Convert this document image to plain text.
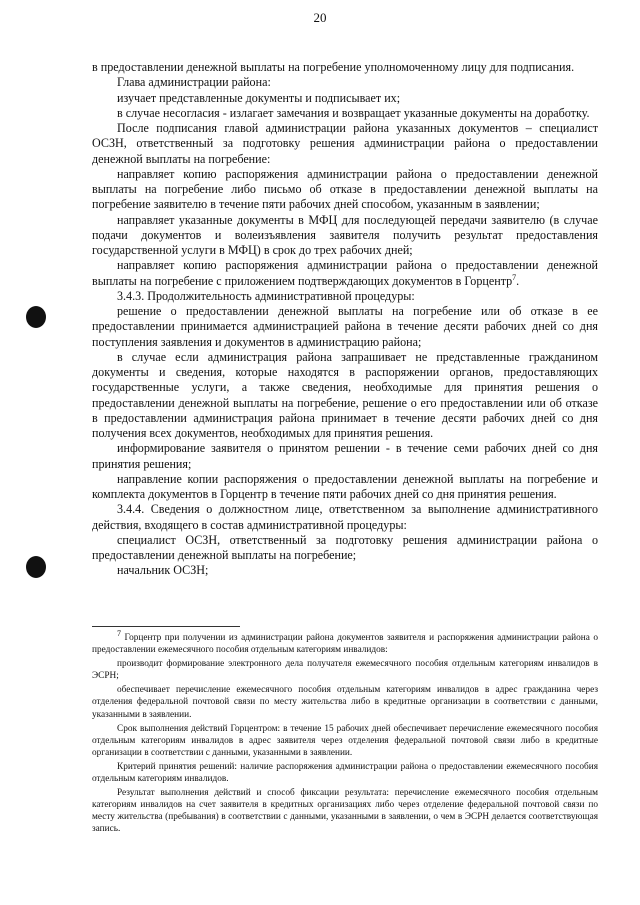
20

в предоставлении денежной выплаты на погребение уполномоченному лицу для подписания.

Глава администрации района:

изучает представленные документы и подписывает их;

в случае несогласия - излагает замечания и возвращает указанные документы на доработку.

После подписания главой администрации района указанных документов – специалист ОСЗН, ответственный за подготовку решения администрации района о предоставлении денежной выплаты на погребение:

направляет копию распоряжения администрации района о предоставлении денежной выплаты на погребение либо письмо об отказе в предоставлении денежной выплаты на погребение заявителю в течение пяти рабочих дней способом, указанным в заявлении;

направляет указанные документы в МФЦ для последующей передачи заявителю (в случае подачи документов и волеизъявления заявителя получить результат предоставления государственной услуги в МФЦ) в срок до трех рабочих дней;

направляет копию распоряжения администрации района о предоставлении денежной выплаты на погребение с приложением подтверждающих документов в Горцентр$^7$.

3.4.3. Продолжительность административной процедуры:

решение о предоставлении денежной выплаты на погребение или об отказе в ее предоставлении принимается администрацией района в течение десяти рабочих дней со дня поступления заявления и документов в администрацию района;

в случае если администрация района запрашивает не представленные гражданином документы и сведения, которые находятся в распоряжении органов, предоставляющих государственные услуги, а также сведения, необходимые для принятия решения о предоставлении денежной выплаты на погребение, решение о его предоставлении или об отказе в предоставлении администрация района принимает в течение десяти рабочих дней со дня получения всех документов, необходимых для принятия решения.

информирование заявителя о принятом решении - в течение семи рабочих дней со дня принятия решения;

направление копии распоряжения о предоставлении денежной выплаты на погребение и комплекта документов в Горцентр в течение пяти рабочих дней со дня принятия решения.

3.4.4. Сведения о должностном лице, ответственном за выполнение административного действия, входящего в состав административной процедуры:

специалист ОСЗН, ответственный за подготовку решения администрации района о предоставлении денежной выплаты на погребение;

начальник ОСЗН;

$^7$ Горцентр при получении из администрации района документов заявителя и распоряжения администрации района о предоставлении ежемесячного пособия отдельным категориям инвалидов:

производит формирование электронного дела получателя ежемесячного пособия отдельным категориям инвалидов в ЭСРН;

обеспечивает перечисление ежемесячного пособия отдельным категориям инвалидов в адрес гражданина через отделения федеральной почтовой связи по месту жительства либо в кредитные организации в соответствии с данными, указанными в заявлении.

Срок выполнения действий Горцентром: в течение 15 рабочих дней обеспечивает перечисление ежемесячного пособия отдельным категориям инвалидов в адрес заявителя через отделения федеральной почтовой связи либо в кредитные организации в соответствии с данными, указанными в заявлении.

Критерий принятия решений: наличие распоряжения администрации района о предоставлении ежемесячного пособия отдельным категориям инвалидов.

Результат выполнения действий и способ фиксации результата: перечисление ежемесячного пособия отдельным категориям инвалидов на счет заявителя в кредитных организациях либо через отделение федеральной почтовой связи по месту жительства (пребывания) в соответствии с данными, указанными в заявлении, о чем в ЭСРН делается соответствующая запись.
